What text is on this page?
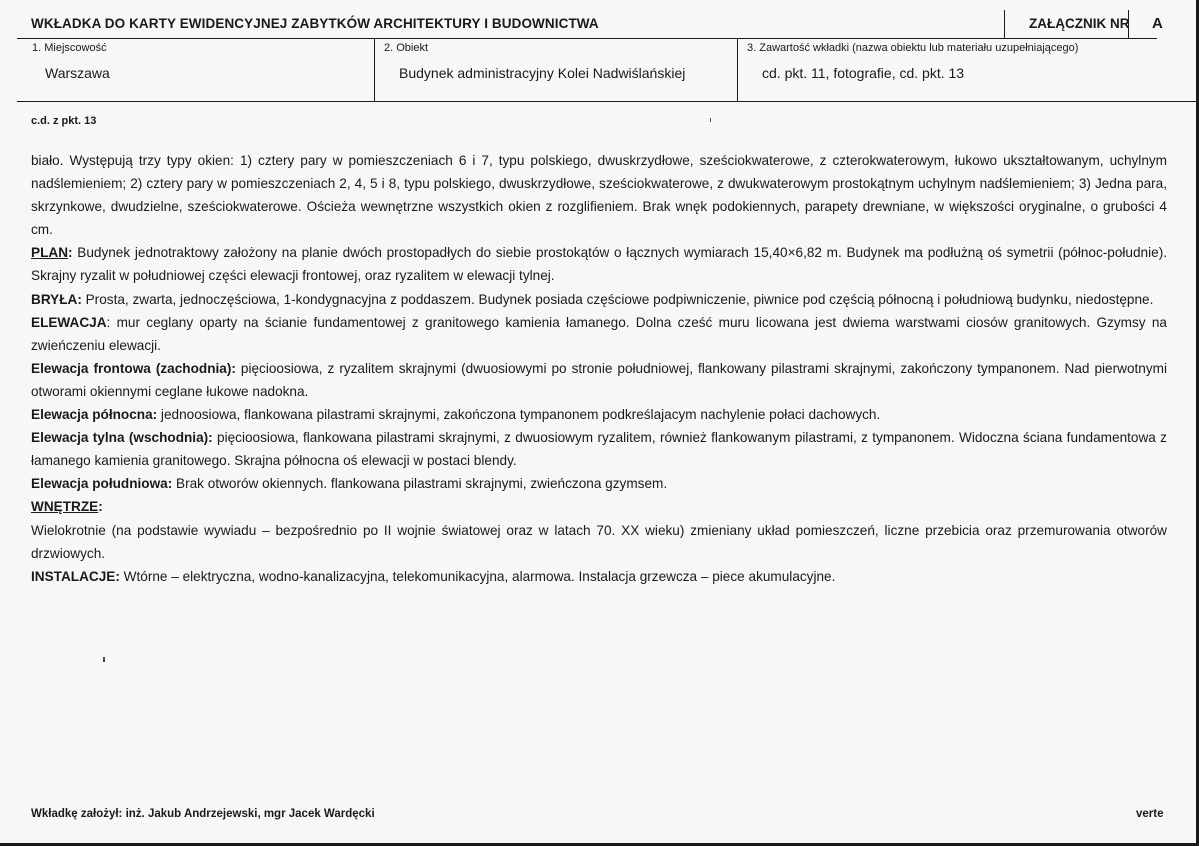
WKŁADKA DO KARTY EWIDENCYJNEJ ZABYTKÓW ARCHITEKTURY I BUDOWNICTWA	ZAŁĄCZNIK NR A
1. Miejscowość
Warszawa
2. Obiekt
Budynek administracyjny Kolei Nadwiślańskiej
3. Zawartość wkładki (nazwa obiektu lub materiału uzupełniającego)
cd. pkt. 11, fotografie, cd. pkt. 13
c.d. z pkt. 13

biało. Występują trzy typy okien: 1) cztery pary w pomieszczeniach 6 i 7, typu polskiego, dwuskrzydłowe, sześciokwaterowe, z czterokwaterowym, łukowo ukształtowanym, uchylnym nadślemieniem; 2) cztery pary w pomieszczeniach 2, 4, 5 i 8, typu polskiego, dwuskrzydłowe, sześciokwaterowe, z dwukwaterowym prostokątnym uchylnym nadślemieniem; 3) Jedna para, skrzynkowe, dwudzielne, sześciokwaterowe. Ościeża wewnętrzne wszystkich okien z rozglifieniem. Brak wnęk podokiennych, parapety drewniane, w większości oryginalne, o grubości 4 cm.

PLAN: Budynek jednotraktowy założony na planie dwóch prostopadłych do siebie prostokątów o łącznych wymiarach 15,40×6,82 m. Budynek ma podłużną oś symetrii (północ-południe). Skrajny ryzalit w południowej części elewacji frontowej, oraz ryzalitem w elewacji tylnej.

BRYŁA: Prosta, zwarta, jednoczęściowa, 1-kondygnacyjna z poddaszem. Budynek posiada częściowe podpiwniczenie, piwnice pod częścią północną i południową budynku, niedostępne.

ELEWACJA: mur ceglany oparty na ścianie fundamentowej z granitowego kamienia łamanego. Dolna cześć muru licowana jest dwiema warstwami ciosów granitowych. Gzymsy na zwieńczeniu elewacji.

Elewacja frontowa (zachodnia): pięcioosiowa, z ryzalitem skrajnymi (dwuosiowymi po stronie południowej, flankowany pilastrami skrajnymi, zakończony tympanonem. Nad pierwotnymi otworami okiennymi ceglane łukowe nadokna.

Elewacja północna: jednoosiowa, flankowana pilastrami skrajnymi, zakończona tympanonem podkreślajacym nachylenie połaci dachowych.

Elewacja tylna (wschodnia): pięcioosiowa, flankowana pilastrami skrajnymi, z dwuosiowym ryzalitem, również flankowanym pilastrami, z tympanonem. Widoczna ściana fundamentowa z łamanego kamienia granitowego. Skrajna północna oś elewacji w postaci blendy.

Elewacja południowa: Brak otworów okiennych. flankowana pilastrami skrajnymi, zwieńczona gzymsem.

WNĘTRZE:

Wielokrotnie (na podstawie wywiadu – bezpośrednio po II wojnie światowej oraz w latach 70. XX wieku) zmieniany układ pomieszczeń, liczne przebicia oraz przemurowania otworów drzwiowych.

INSTALACJE: Wtórne – elektryczna, wodno-kanalizacyjna, telekomunikacyjna, alarmowa. Instalacja grzewcza – piece akumulacyjne.

Wkładkę założył: inż. Jakub Andrzejewski, mgr Jacek Wardęcki	verte
